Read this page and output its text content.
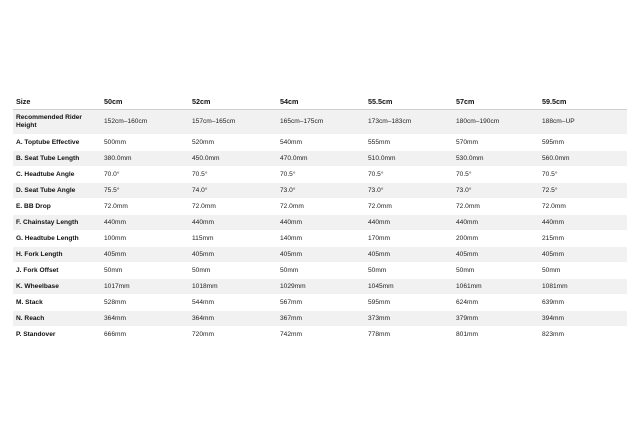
Size	50cm	52cm	54cm	55.5cm	57cm	59.5cm
Recommended Rider Height	152cm–160cm	157cm–165cm	165cm–175cm	173cm–183cm	180cm–190cm	188cm–UP
A. Toptube Effective	500mm	520mm	540mm	555mm	570mm	595mm
B. Seat Tube Length	380.0mm	450.0mm	470.0mm	510.0mm	530.0mm	560.0mm
C. Headtube Angle	70.0°	70.5°	70.5°	70.5°	70.5°	70.5°
D. Seat Tube Angle	75.5°	74.0°	73.0°	73.0°	73.0°	72.5°
E. BB Drop	72.0mm	72.0mm	72.0mm	72.0mm	72.0mm	72.0mm
F. Chainstay Length	440mm	440mm	440mm	440mm	440mm	440mm
G. Headtube Length	100mm	115mm	140mm	170mm	200mm	215mm
H. Fork Length	405mm	405mm	405mm	405mm	405mm	405mm
J. Fork Offset	50mm	50mm	50mm	50mm	50mm	50mm
K. Wheelbase	1017mm	1018mm	1029mm	1045mm	1061mm	1081mm
M. Stack	528mm	544mm	567mm	595mm	624mm	639mm
N. Reach	364mm	364mm	367mm	373mm	379mm	394mm
P. Standover	666mm	720mm	742mm	778mm	801mm	823mm
